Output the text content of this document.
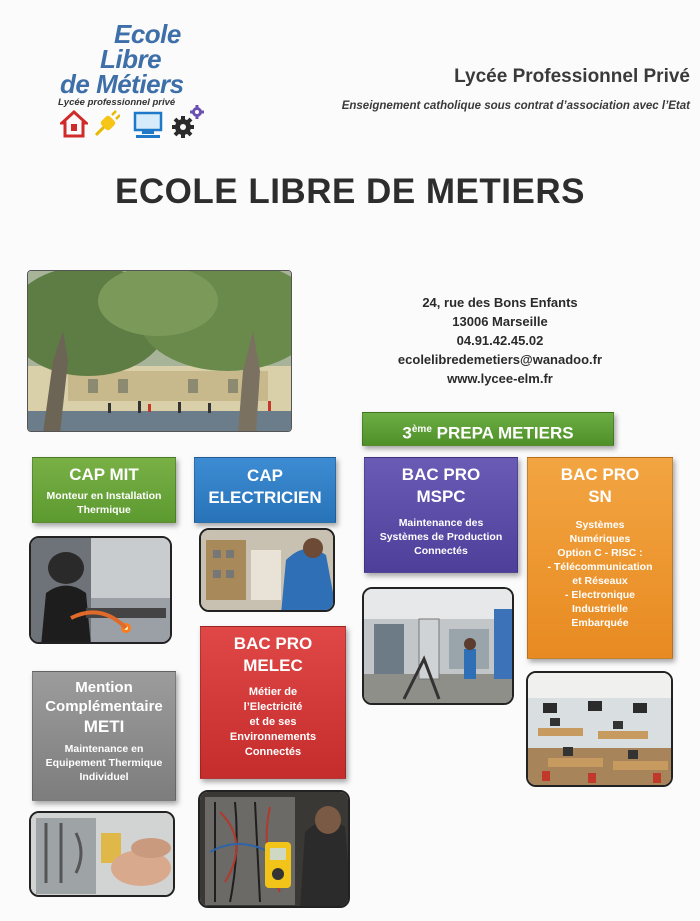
Ecole
Libre
de Métiers
Lycée professionnel privé
Lycée Professionnel Privé
Enseignement catholique sous contrat d’association avec l’Etat
ECOLE LIBRE DE METIERS
24, rue des Bons Enfants
13006 Marseille
04.91.42.45.02
ecolelibredemetiers@wanadoo.fr
www.lycee-elm.fr
3ème PREPA METIERS
CAP MIT
Monteur en Installation Thermique
CAP
ELECTRICIEN
BAC PRO
MSPC
Maintenance des Systèmes de Production Connectés
BAC PRO
SN
Systèmes
Numériques
Option C - RISC :
- Télécommunication
et Réseaux
- Electronique
Industrielle
Embarquée
Mention
Complémentaire
METI
Maintenance en Equipement Thermique Individuel
BAC PRO
MELEC
Métier de
l’Electricité
et de ses
Environnements
Connectés
